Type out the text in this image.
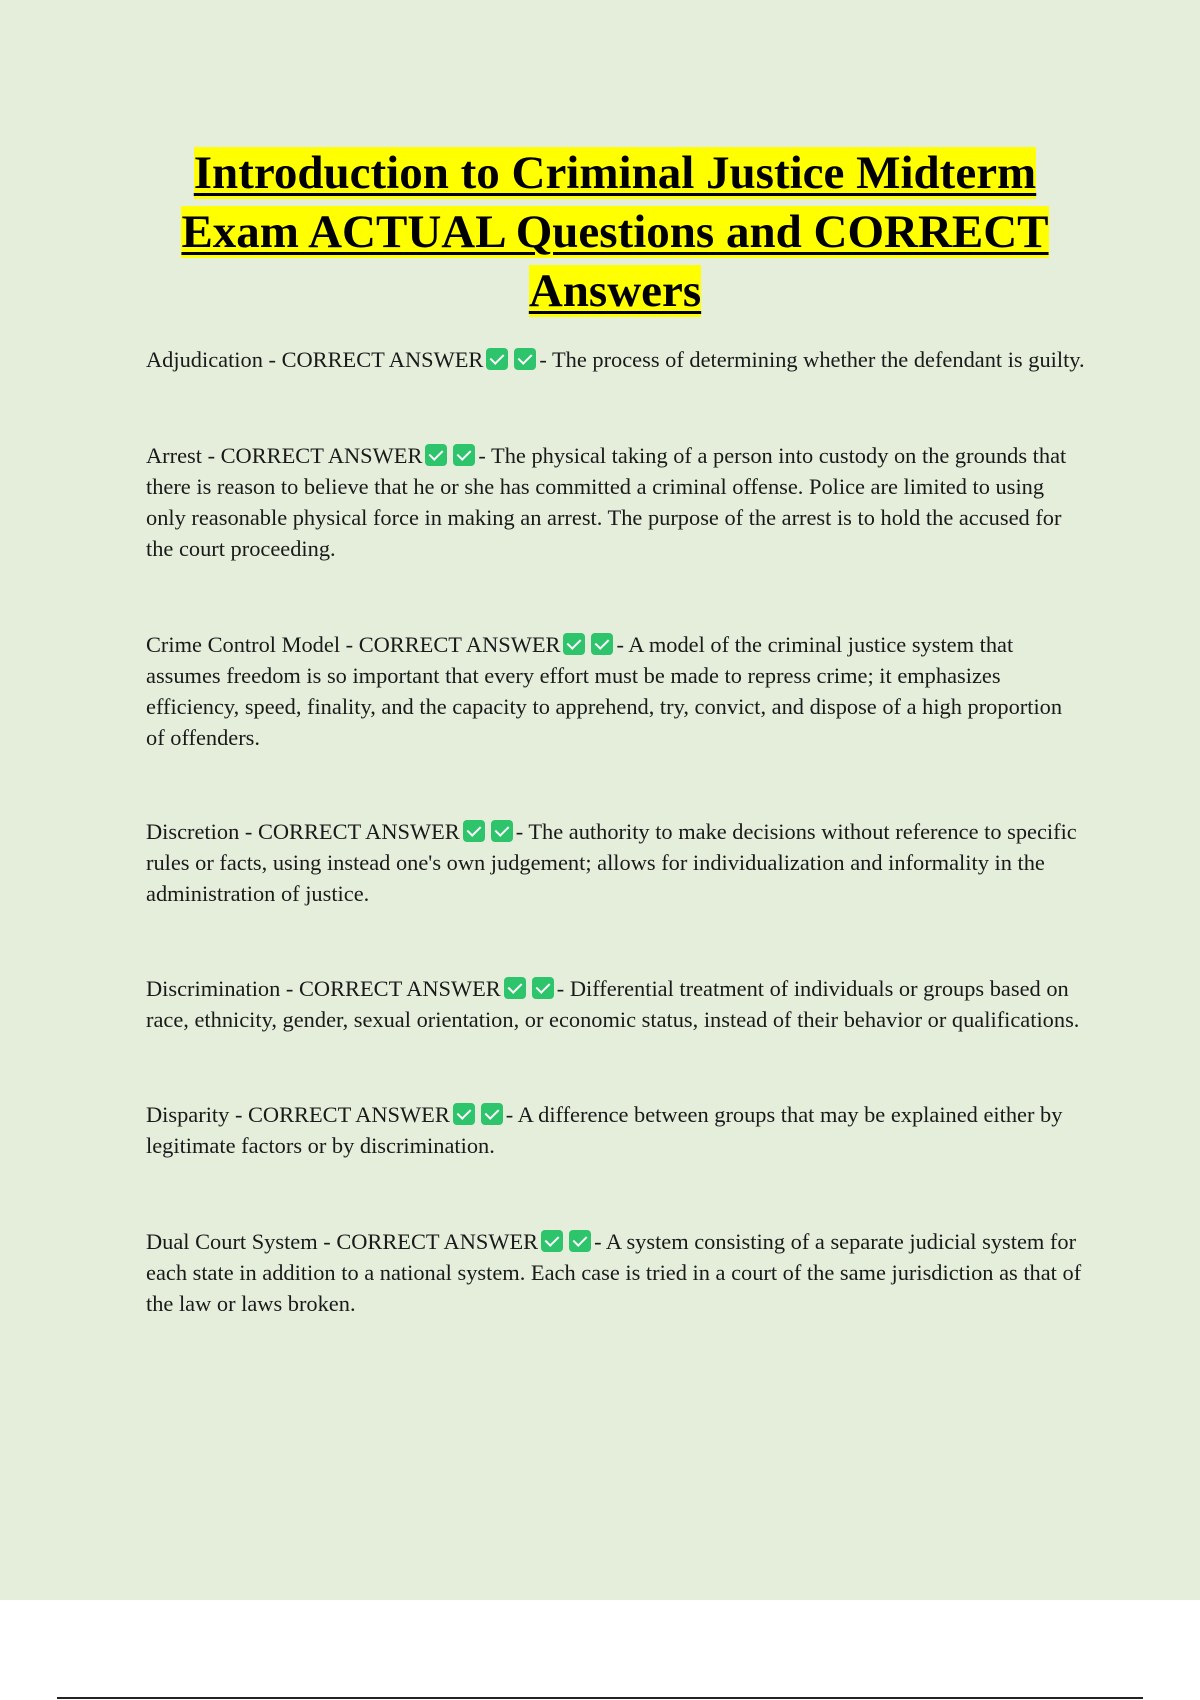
Introduction to Criminal Justice Midterm Exam ACTUAL Questions and CORRECT Answers

Adjudication - CORRECT ANSWER	- The process of determining whether the defendant is guilty.

Arrest - CORRECT ANSWER	- The physical taking of a person into custody on the grounds that there is reason to believe that he or she has committed a criminal offense. Police are limited to using only reasonable physical force in making an arrest. The purpose of the arrest is to hold the accused for the court proceeding.

Crime Control Model - CORRECT ANSWER	- A model of the criminal justice system that assumes freedom is so important that every effort must be made to repress crime; it emphasizes efficiency, speed, finality, and the capacity to apprehend, try, convict, and dispose of a high proportion of offenders.

Discretion - CORRECT ANSWER	- The authority to make decisions without reference to specific rules or facts, using instead one's own judgement; allows for individualization and informality in the administration of justice.

Discrimination - CORRECT ANSWER	- Differential treatment of individuals or groups based on race, ethnicity, gender, sexual orientation, or economic status, instead of their behavior or qualifications.

Disparity - CORRECT ANSWER	- A difference between groups that may be explained either by legitimate factors or by discrimination.

Dual Court System - CORRECT ANSWER	- A system consisting of a separate judicial system for each state in addition to a national system. Each case is tried in a court of the same jurisdiction as that of the law or laws broken.
